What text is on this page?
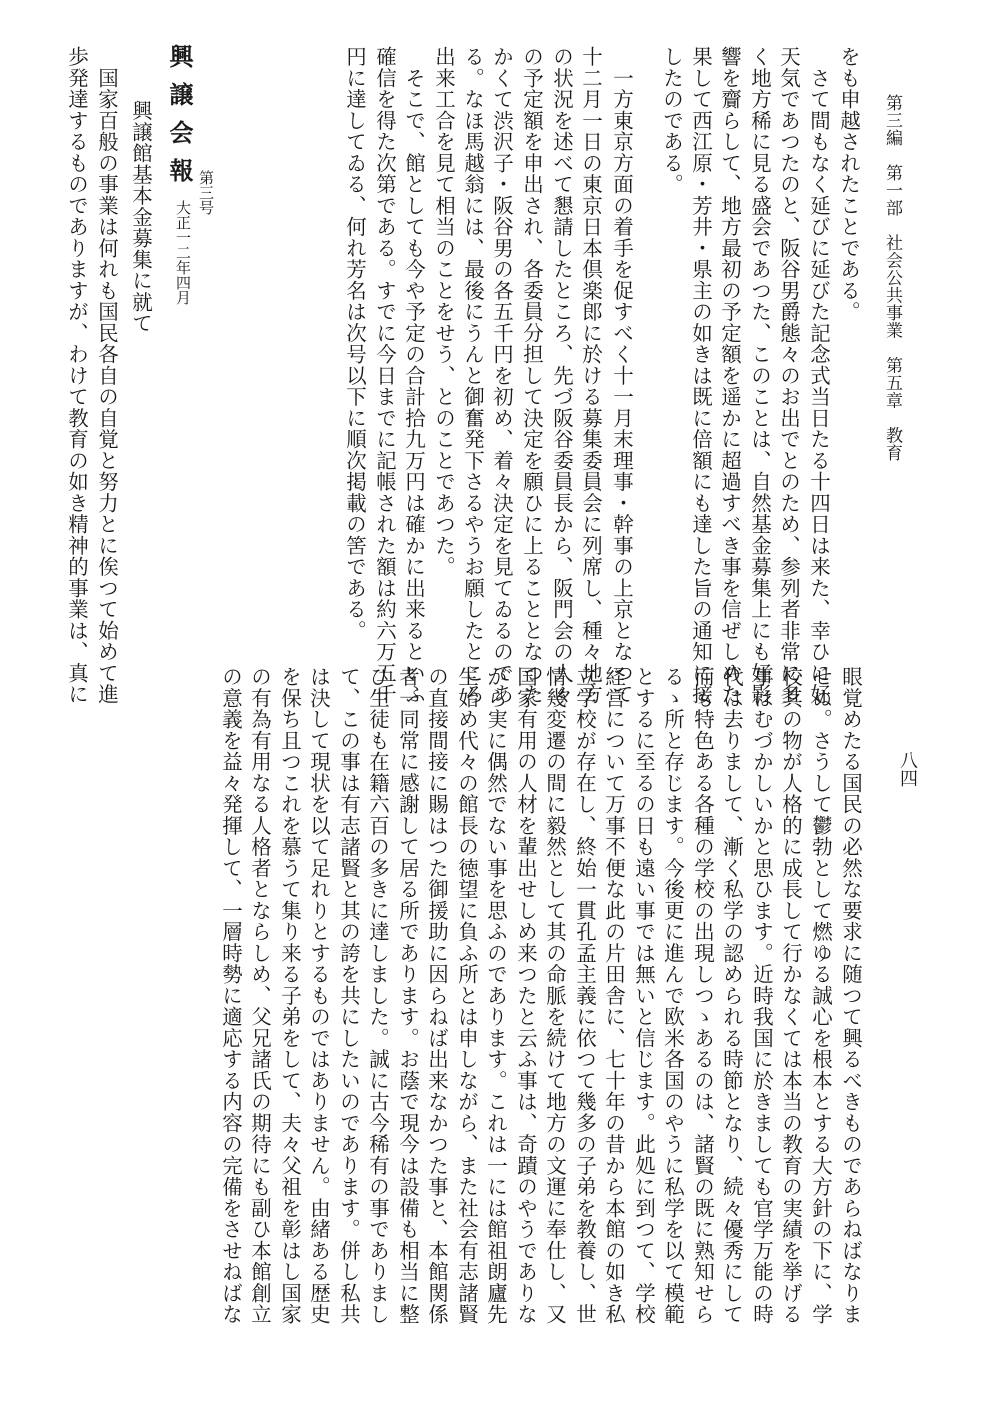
第三編　第一部　社会公共事業　第五章　教育
八四
をも申越されたことである。
　さて間もなく延びに延びた記念式当日たる十四日は来た、幸ひに好
天気であつたのと、阪谷男爵態々のお出でとのため、参列者非常に多
く地方稀に見る盛会であつた、このことは、自然基金募集上にも好影
響を齎らして、地方最初の予定額を遥かに超過すべき事を信ぜしめた
果して西江原・芳井・県主の如きは既に倍額にも達した旨の通知に接
したのである。
　一方東京方面の着手を促すべく十一月末理事・幹事の上京となつて
十二月一日の東京日本倶楽郎に於ける募集委員会に列席し、種々地方
の状況を述べて懇請したところ、先づ阪谷委員長から、阪門会の人々
の予定額を申出され、各委員分担して決定を願ひに上ることとなつた
かくて渋沢子・阪谷男の各五千円を初め、着々決定を見てゐるのであ
る。なほ馬越翁には、最後にうんと御奮発下さるやうお願したところ
出来工合を見て相当のことをせう、とのことであつた。
　そこで、館としても今や予定の合計拾九万円は確かに出来るといふ
確信を得た次第である。すでに今日までに記帳された額は約六万五千
円に達してゐる、何れ芳名は次号以下に順次掲載の筈である。
興譲館基本金募集に就て
　国家百般の事業は何れも国民各自の自覚と努力とに俟つて始めて進
歩発達するものでありますが、わけて教育の如き精神的事業は、真に	興譲会報 第三号
大正一二年四月
眼覚めたる国民の必然な要求に随つて興るべきものであらねばなりま
せぬ。さうして鬱勃として燃ゆる誠心を根本とする大方針の下に、学
校其の物が人格的に成長して行かなくては本当の教育の実績を挙げる
事はむづかしいかと思ひます。近時我国に於きましても官学万能の時
代は去りまして、漸く私学の認められる時節となり、続々優秀にして
而も特色ある各種の学校の出現しつゝあるのは、諸賢の既に熟知せら
るゝ所と存じます。今後更に進んで欧米各国のやうに私学を以て模範
とするに至るの日も遠い事では無いと信じます。此処に到つて、学校
経営について万事不便な此の片田舎に、七十年の昔から本館の如き私
立学校が存在し、終始一貫孔孟主義に依つて幾多の子弟を教養し、世
情幾変遷の間に毅然として其の命脈を続けて地方の文運に奉仕し、又
国家有用の人材を輩出せしめ来つたと云ふ事は、奇蹟のやうでありな
がら実に偶然でない事を思ふのであります。これは一には館祖朗廬先
生始め代々の館長の徳望に負ふ所とは申しながら、また社会有志諸賢
の直接間接に賜はつた御援助に因らねば出来なかつた事と、本館関係
者一同常に感謝して居る所であります。お蔭で現今は設備も相当に整
ひ生徒も在籍六百の多きに達しました。誠に古今稀有の事でありまし
て、この事は有志諸賢と其の誇を共にしたいのであります。併し私共
は決して現状を以て足れりとするものではありません。由緒ある歴史
を保ち且つこれを慕うて集り来る子弟をして、夫々父祖を彰はし国家
の有為有用なる人格者とならしめ、父兄諸氏の期待にも副ひ本館創立
の意義を益々発揮して、一層時勢に適応する内容の完備をさせねばな
